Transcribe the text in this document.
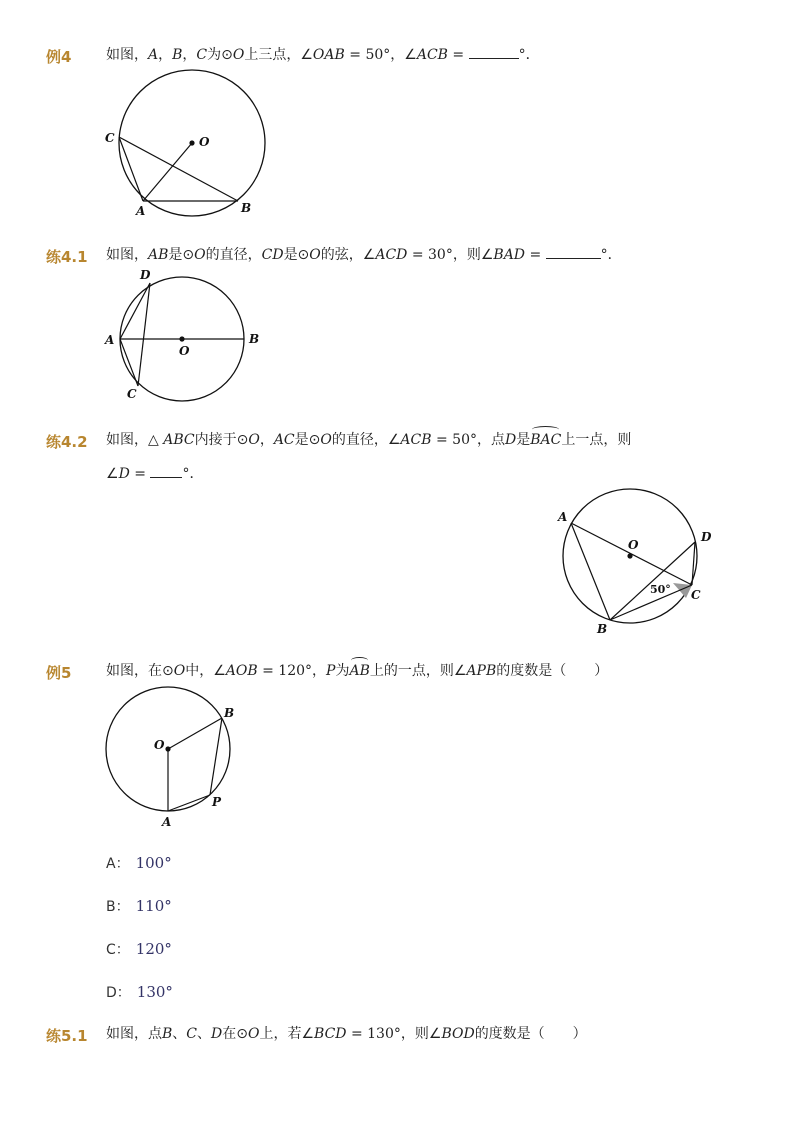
例4 如图，A，B，C为⊙O上三点，∠OAB = 50°，∠ACB =	°．
C	O
A	B
练4.1 如图，AB是⊙O的直径，CD是⊙O的弦，∠ACD = 30°，则∠BAD =	°．
D
A
O
B
C
练4.2 如图，△ ABC内接于⊙O，AC是⊙O的直径，∠ACB = 50°，点D是BAC上一点，则
∠D = °．
A
O
D
C
B
50°
例5 如图，在⊙O中，∠AOB = 120°，P为AB上的一点，则∠APB的度数是（　　）
B
O
P
A
A： 100°
B： 110°
C： 120°
D： 130°
练5.1 如图，点B、C、D在⊙O上，若∠BCD = 130°，则∠BOD的度数是（　　）
